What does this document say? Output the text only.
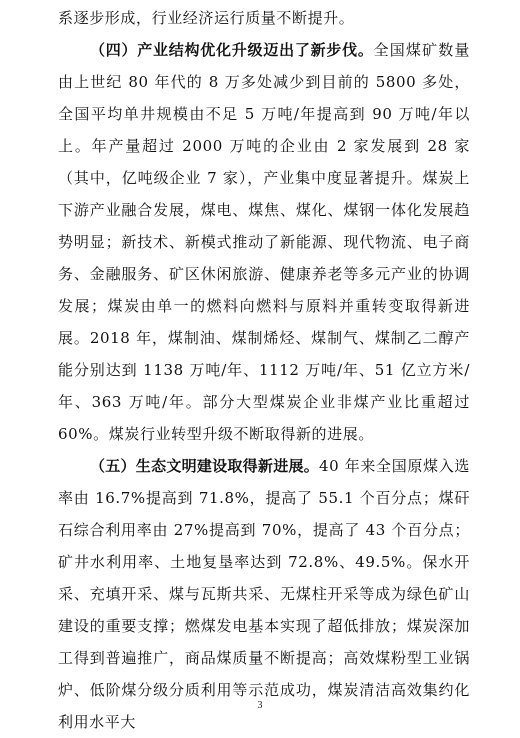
系逐步形成，行业经济运行质量不断提升。

（四）产业结构优化升级迈出了新步伐。全国煤矿数量由上世纪 80 年代的 8 万多处减少到目前的 5800 多处，全国平均单井规模由不足 5 万吨/年提高到 90 万吨/年以上。年产量超过 2000 万吨的企业由 2 家发展到 28 家（其中，亿吨级企业 7 家），产业集中度显著提升。煤炭上下游产业融合发展，煤电、煤焦、煤化、煤钢一体化发展趋势明显；新技术、新模式推动了新能源、现代物流、电子商务、金融服务、矿区休闲旅游、健康养老等多元产业的协调发展；煤炭由单一的燃料向燃料与原料并重转变取得新进展。2018 年，煤制油、煤制烯烃、煤制气、煤制乙二醇产能分别达到 1138 万吨/年、1112 万吨/年、51 亿立方米/年、363 万吨/年。部分大型煤炭企业非煤产业比重超过 60%。煤炭行业转型升级不断取得新的进展。

（五）生态文明建设取得新进展。40 年来全国原煤入选率由 16.7%提高到 71.8%，提高了 55.1 个百分点；煤矸石综合利用率由 27%提高到 70%，提高了 43 个百分点；矿井水利用率、土地复垦率达到 72.8%、49.5%。保水开采、充填开采、煤与瓦斯共采、无煤柱开采等成为绿色矿山建设的重要支撑；燃煤发电基本实现了超低排放；煤炭深加工得到普遍推广，商品煤质量不断提高；高效煤粉型工业锅炉、低阶煤分级分质利用等示范成功，煤炭清洁高效集约化利用水平大

3
